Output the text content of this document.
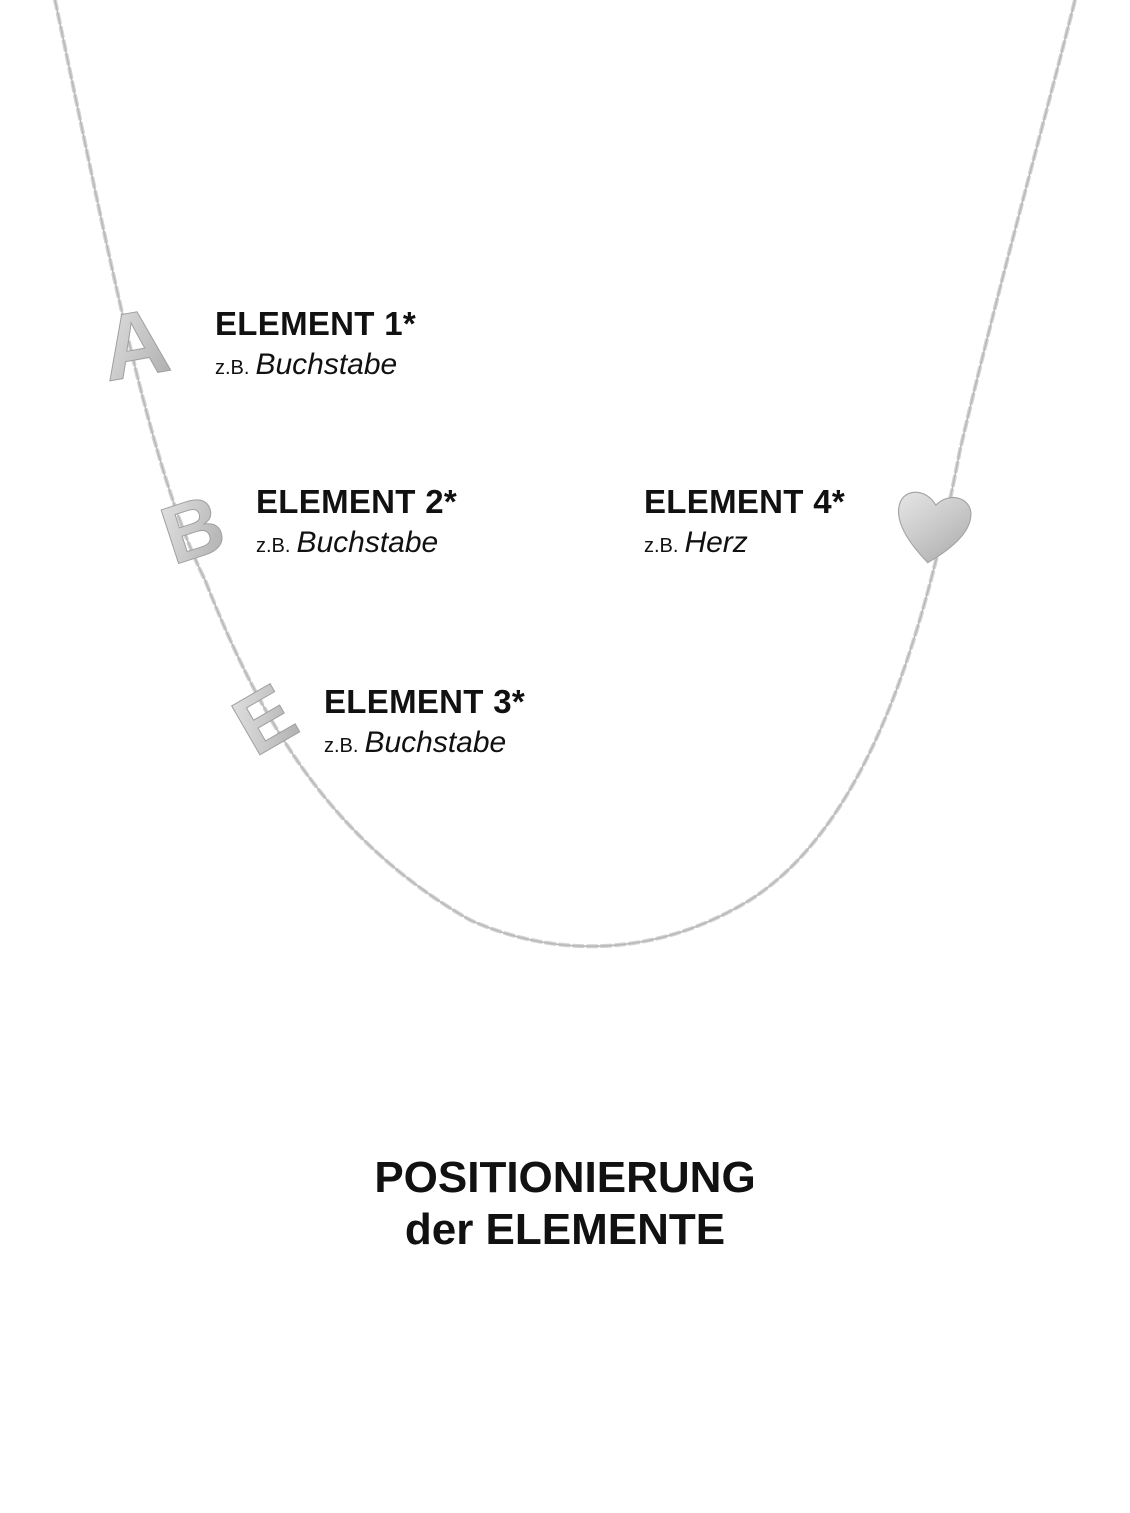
A
B
E
ELEMENT 1*
z.B. Buchstabe
ELEMENT 2*
z.B. Buchstabe
ELEMENT 3*
z.B. Buchstabe
ELEMENT 4*
z.B. Herz
POSITIONIERUNG
der ELEMENTE
